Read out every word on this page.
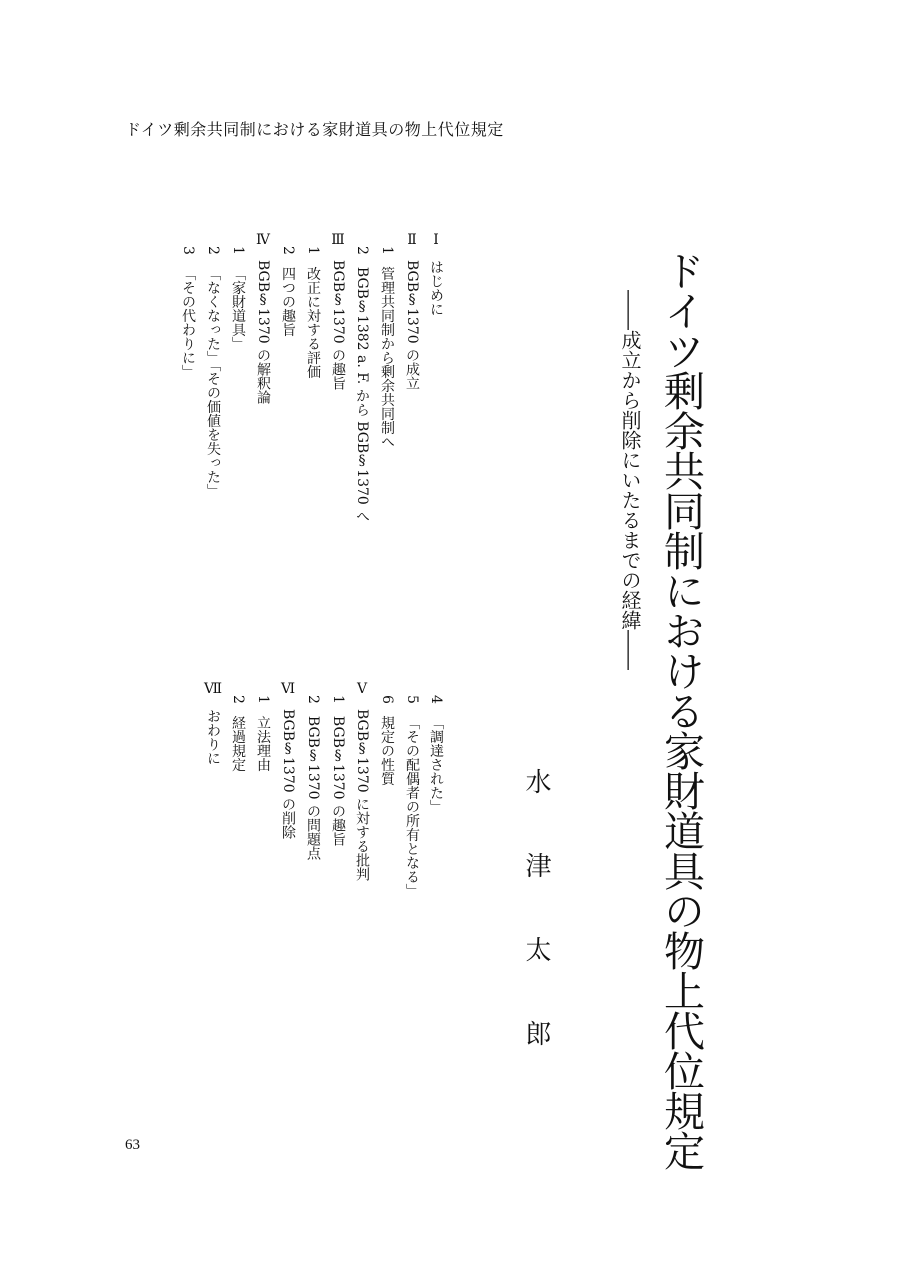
ドイツ剰余共同制における家財道具の物上代位規定
ドイツ剰余共同制における家財道具の物上代位規定
――成立から削除にいたるまでの経緯――
水津太郎
Ⅰはじめに
ⅡBGB§1370 の成立
1管理共同制から剰余共同制へ
2BGB§1382 a. F. から BGB§1370 へ
ⅢBGB§1370 の趣旨
1改正に対する評価
2四つの趣旨
ⅣBGB§1370 の解釈論
1「家財道具」
2「なくなった」「その価値を失った」
3「その代わりに」
4「調達された」
5「その配偶者の所有となる」
6規定の性質
ⅤBGB§1370 に対する批判
1BGB§1370 の趣旨
2BGB§1370 の問題点
ⅥBGB§1370 の削除
1立法理由
2経過規定
Ⅶおわりに
63
